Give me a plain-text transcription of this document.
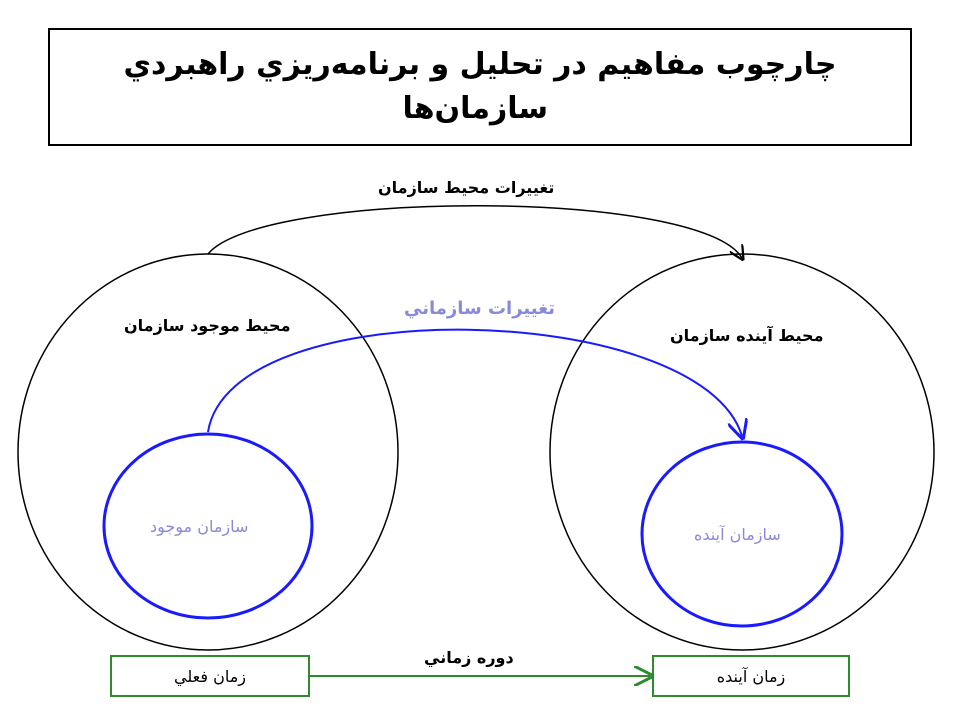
چارچوب مفاهيم در تحليل و برنامه‌ريزي راهبردي
سازمان‌ها
تغييرات محيط سازمان
تغييرات سازماني
محيط موجود سازمان
محيط آينده سازمان
سازمان موجود	سازمان آينده
دوره زماني
زمان فعلي	زمان آينده
